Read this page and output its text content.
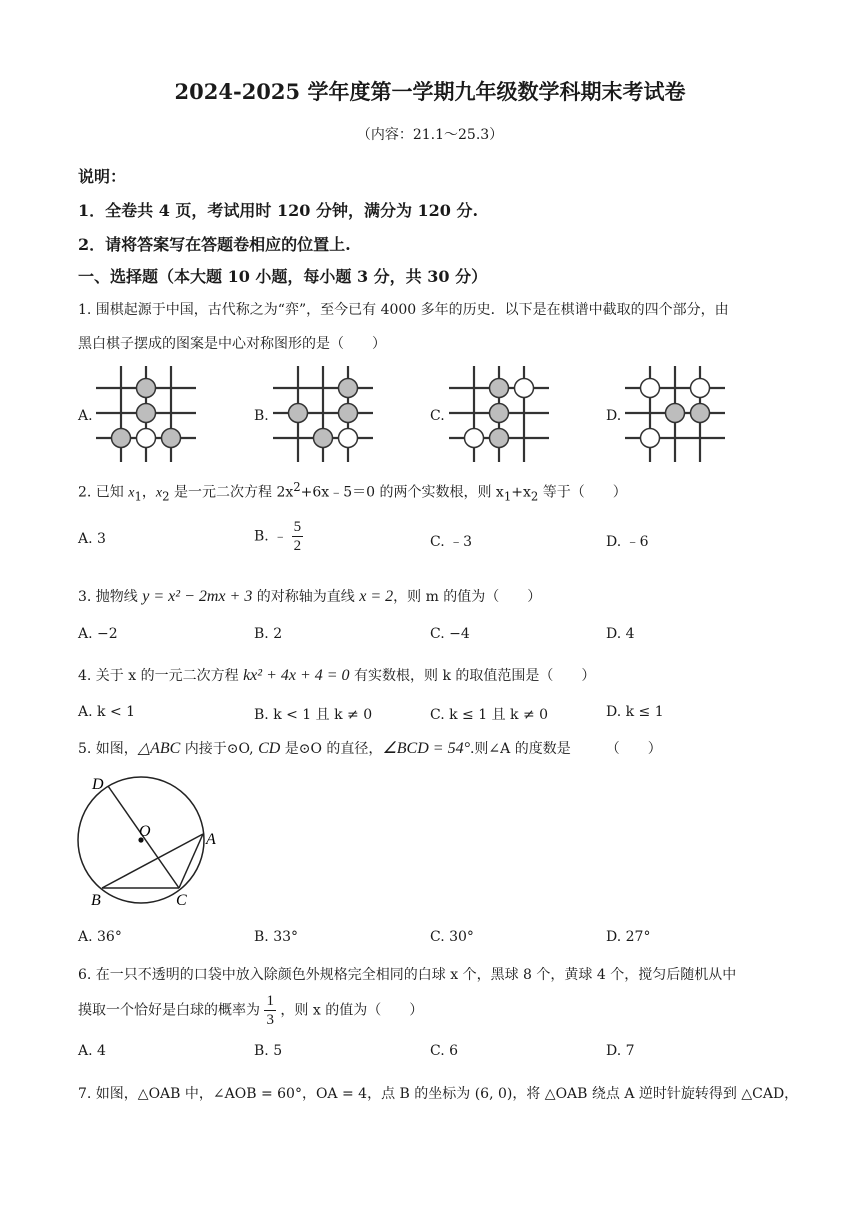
2024-2025 学年度第一学期九年级数学科期末考试卷
（内容：21.1～25.3）
说明：
1．全卷共 4 页，考试用时 120 分钟，满分为 120 分.
2．请将答案写在答题卷相应的位置上.
一、选择题（本大题 10 小题，每小题 3 分，共 30 分）
1. 围棋起源于中国，古代称之为“弈”，至今已有 4000 多年的历史．以下是在棋谱中截取的四个部分，由
黑白棋子摆成的图案是中心对称图形的是（　　）
A.	B.	C.	D.
2. 已知 $x_1$，$x_2$ 是一元二次方程 $2x^2+6x﹣5=0$ 的两个实数根，则 $x_1+x_2$ 等于（　　）
A. 3	B. ﹣ $\frac{5}{2}$	C. ﹣3	D. ﹣6
3. 抛物线 y = x² − 2mx + 3 的对称轴为直线 x = 2，则 m 的值为（　　）
A. −2	B. 2	C. −4	D. 4
4. 关于 x 的一元二次方程 kx² + 4x + 4 = 0 有实数根，则 k 的取值范围是（　　）
A. k < 1	B. k < 1 且 k ≠ 0	C. k ≤ 1 且 k ≠ 0	D. k ≤ 1
5. 如图，△ABC 内接于⊙O, CD 是⊙O 的直径，∠BCD = 54°.则∠A 的度数是　　　（　　）
D
O	A
B	C
A. 36°	B. 33°	C. 30°	D. 27°
6. 在一只不透明的口袋中放入除颜色外规格完全相同的白球 x 个，黑球 8 个，黄球 4 个，搅匀后随机从中
摸取一个恰好是白球的概率为 $\frac{1}{3}$ ，则 x 的值为（　　）
A. 4	B. 5	C. 6	D. 7
7. 如图，△OAB 中，∠AOB = 60°，OA = 4，点 B 的坐标为 (6, 0)，将 △OAB 绕点 A 逆时针旋转得到 △CAD，
